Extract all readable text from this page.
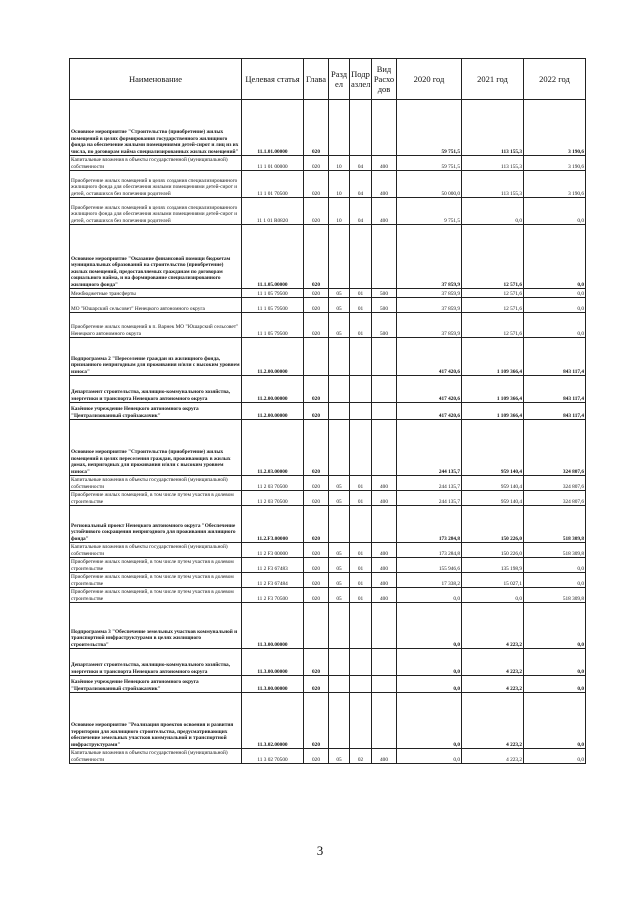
Наименование	Целевая статья	Глава	Разд ел	Подр азлел	Вид Расхо дов	2020 год	2021 год	2022 год
Основное мероприятие "Строительство (приобретение) жилых помещений в целях формирования государственного жилищного фонда на обеспечение жилыми помещениями детей-сирот и лиц из их числа, по договорам найма специализированных жилых помещений"	11.1.01.00000	020				59 751,5	113 155,3	3 190,6
Капитальные вложения в объекты государственной (муниципальной) собственности	11 1 01 00000	020	10	04	400	59 751,5	113 155,3	3 190,6
Приобретение жилых помещений в целях создания специализированного жилищного фонда для обеспечения жилыми помещениями детей-сирот и детей, оставшихся без попечения родителей	11 1 01 70500	020	10	04	400	50 000,0	113 155,3	3 190,6
Приобретение жилых помещений в целях создания специализированного жилищного фонда для обеспечения жилыми помещениями детей-сирот и детей, оставшихся без попечения родителей	11 1 01 R0820	020	10	04	400	9 751,5	0,0	0,0
Основное мероприятие "Оказание финансовой помощи бюджетам муниципальных образований на строительство (приобретение) жилых помещений, предоставляемых гражданам по договорам социального найма, и на формирование специализированного жилищного фонда"	11.1.05.00000	020				37 859,9	12 571,6	0,0
Межбюджетные трансферты	11 1 05 79500	020	05	01	500	37 859,9	12 571,6	0,0
МО "Юшарский сельсовет" Ненецкого автономного округа	11 1 05 79500	020	05	01	500	37 859,9	12 571,6	0,0
Приобретение жилых помещений в п. Варнек МО "Юшарский сельсовет" Ненецкого автономного округа	11 1 05 79500	020	05	01	500	37 859,9	12 571,6	0,0
Подпрограмма 2 "Переселение граждан из жилищного фонда, признанного непригодным для проживания и/или с высоким уровнем износа"	11.2.00.00000					417 420,6	1 109 366,4	843 117,4
Департамент строительства, жилищно-коммунального хозяйства, энергетики и транспорта Ненецкого автономного округа	11.2.00.00000	020				417 420,6	1 109 366,4	843 117,4
Казённое учреждение Ненецкого автономного округа "Централизованный стройзаказчик"	11.2.00.00000	020				417 420,6	1 109 366,4	843 117,4
Основное мероприятие "Строительство (приобретение) жилых помещений в целях переселения граждан, проживающих в жилых домах, непригодных для проживания и/или с высоким уровнем износа"	11.2.03.00000	020				244 135,7	959 140,4	324 807,6
Капитальные вложения в объекты государственной (муниципальной) собственности	11 2 03 70500	020	05	01	400	244 135,7	959 140,4	324 807,6
Приобретение жилых помещений, в том числе путем участия в долевом строительстве	11 2 03 70500	020	05	01	400	244 135,7	959 140,4	324 807,6
Региональный проект Ненецкого автономного округа "Обеспечение устойчивого сокращения непригодного для проживания жилищного фонда"	11.2.F3.00000	020				173 284,8	150 226,0	518 309,8
Капитальные вложения в объекты государственной (муниципальной) собственности	11 2 F3 00000	020	05	01	400	173 284,8	150 226,0	518 309,8
Приобретение жилых помещений, в том числе путем участия в долевом строительстве	11 2 F3 67483	020	05	01	400	155 946,6	135 198,9	0,0
Приобретение жилых помещений, в том числе путем участия в долевом строительстве	11 2 F3 67484	020	05	01	400	17 338,2	15 027,1	0,0
Приобретение жилых помещений, в том числе путем участия в долевом строительстве	11 2 F3 70500	020	05	01	400	0,0	0,0	518 309,8
Подпрограмма 3 "Обеспечение земельных участков коммунальной и транспортной инфраструктурами в целях жилищного строительства"	11.3.00.00000					0,0	4 223,2	0,0
Департамент строительства, жилищно-коммунального хозяйства, энергетики и транспорта Ненецкого автономного округа	11.3.00.00000	020				0,0	4 223,2	0,0
Казённое учреждение Ненецкого автономного округа "Централизованный стройзаказчик"	11.3.00.00000	020				0,0	4 223,2	0,0
Основное мероприятие "Реализация проектов освоения и развития территории для жилищного строительства, предусматривающих обеспечение земельных участков коммунальной и транспортной инфраструктурами"	11.3.02.00000	020				0,0	4 223,2	0,0
Капитальные вложения в объекты государственной (муниципальной) собственности	11 3 02 70500	020	05	02	400	0,0	4 223,2	0,0
3
